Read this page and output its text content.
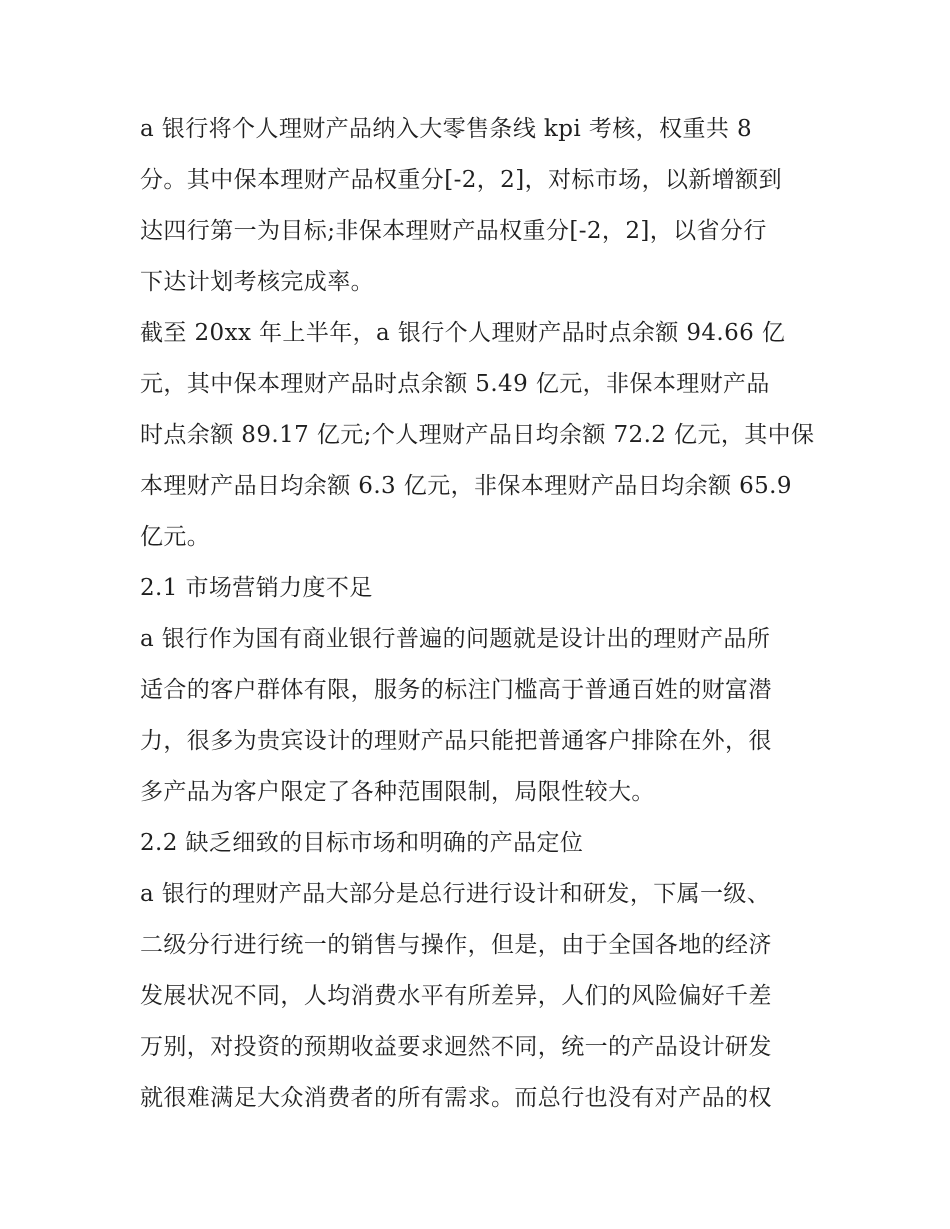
a 银行将个人理财产品纳入大零售条线 kpi 考核，权重共 8
分。其中保本理财产品权重分[-2，2]，对标市场，以新增额到
达四行第一为目标;非保本理财产品权重分[-2，2]，以省分行
下达计划考核完成率。
截至 20xx 年上半年，a 银行个人理财产品时点余额 94.66 亿
元，其中保本理财产品时点余额 5.49 亿元，非保本理财产品
时点余额 89.17 亿元;个人理财产品日均余额 72.2 亿元，其中保
本理财产品日均余额 6.3 亿元，非保本理财产品日均余额 65.9
亿元。
2.1 市场营销力度不足
a 银行作为国有商业银行普遍的问题就是设计出的理财产品所
适合的客户群体有限，服务的标注门槛高于普通百姓的财富潜
力，很多为贵宾设计的理财产品只能把普通客户排除在外，很
多产品为客户限定了各种范围限制，局限性较大。
2.2 缺乏细致的目标市场和明确的产品定位
a 银行的理财产品大部分是总行进行设计和研发，下属一级、
二级分行进行统一的销售与操作，但是，由于全国各地的经济
发展状况不同，人均消费水平有所差异，人们的风险偏好千差
万别，对投资的预期收益要求迥然不同，统一的产品设计研发
就很难满足大众消费者的所有需求。而总行也没有对产品的权
